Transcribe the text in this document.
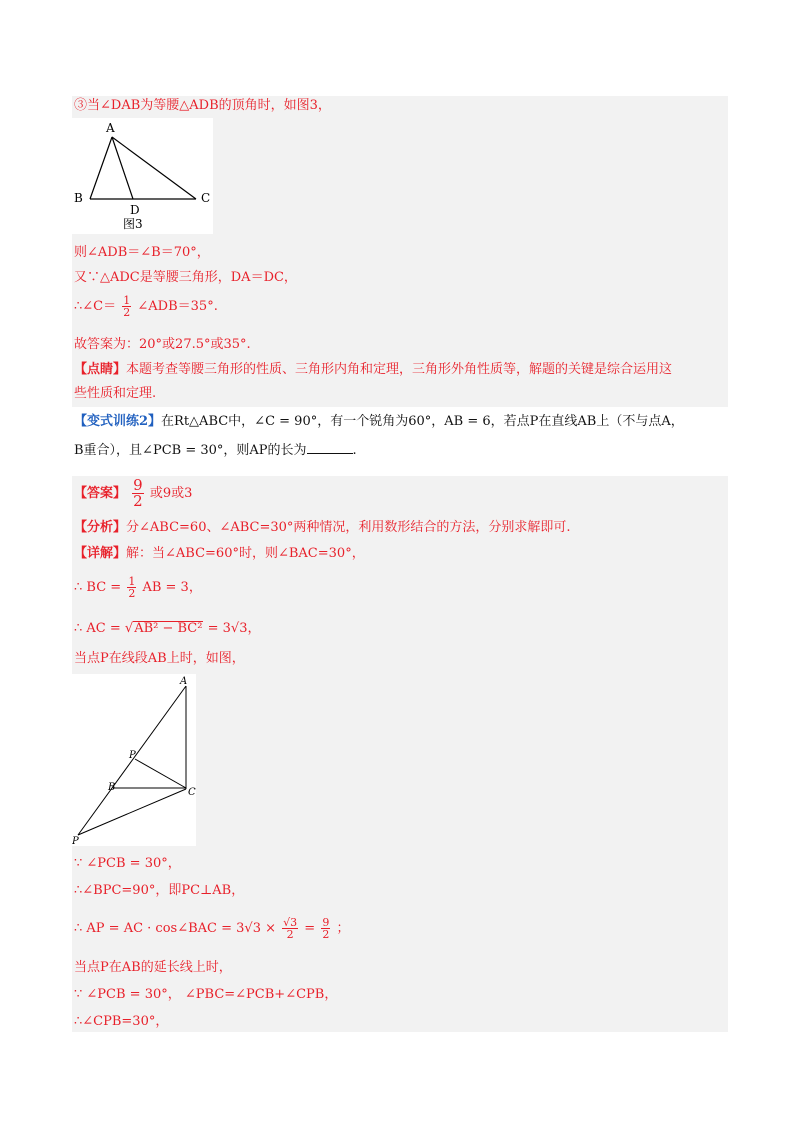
③当∠DAB为等腰△ADB的顶角时，如图3，
A
B
D
C
图3
则∠ADB＝∠B＝70°，
又∵△ADC是等腰三角形，DA＝DC，
∴∠C＝ $\frac{1}{2}$ ∠ADB＝35°.
故答案为：20°或27.5°或35°.
【点睛】本题考查等腰三角形的性质、三角形内角和定理，三角形外角性质等，解题的关键是综合运用这
些性质和定理.
【变式训练2】在Rt△ABC中，∠C = 90°，有一个锐角为60°，AB = 6，若点P在直线AB上（不与点A，
B重合），且∠PCB = 30°，则AP的长为	.
【答案】 $\frac{9}{2}$ 或9或3
【分析】分∠ABC=60、∠ABC=30°两种情况，利用数形结合的方法，分别求解即可.
【详解】解：当∠ABC=60°时，则∠BAC=30°，
∴ BC = $\frac{1}{2}$ AB = 3，
∴ AC = √AB² − BC² = 3√3，
当点P在线段AB上时，如图，
A
P
B	C
P
∵ ∠PCB = 30°，
∴∠BPC=90°，即PC⊥AB，
∴ AP = AC · cos∠BAC = $3√3 \times \frac{√3}{2} = \frac{9}{2}$ ；
当点P在AB的延长线上时，
∵ ∠PCB = 30°， ∠PBC=∠PCB+∠CPB，
∴∠CPB=30°，
